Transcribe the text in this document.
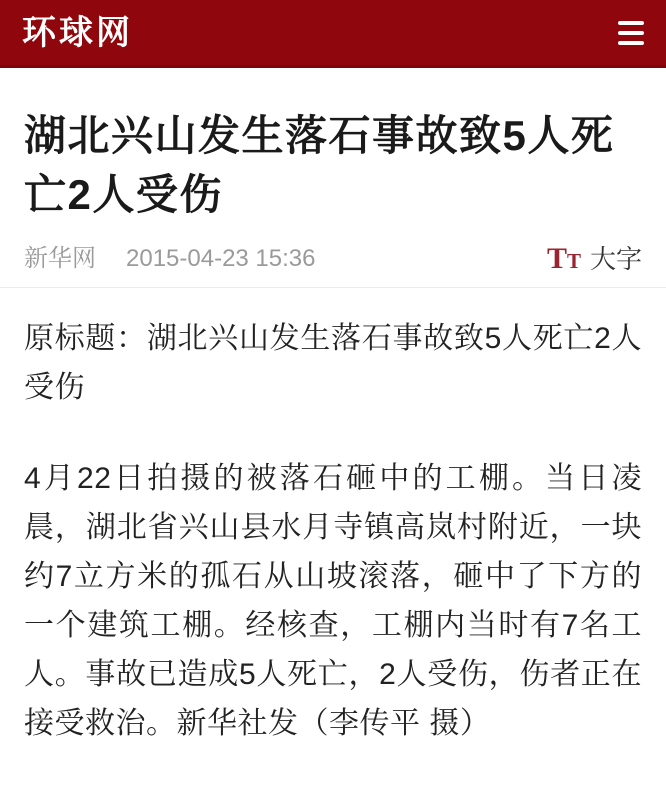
环球网
湖北兴山发生落石事故致5人死亡2人受伤
新华网 2015-04-23 15:36	TT 大字

原标题：湖北兴山发生落石事故致5人死亡2人受伤

4月22日拍摄的被落石砸中的工棚。当日凌晨，湖北省兴山县水月寺镇高岚村附近，一块约7立方米的孤石从山坡滚落，砸中了下方的一个建筑工棚。经核查，工棚内当时有7名工人。事故已造成5人死亡，2人受伤，伤者正在接受救治。新华社发（李传平 摄）
